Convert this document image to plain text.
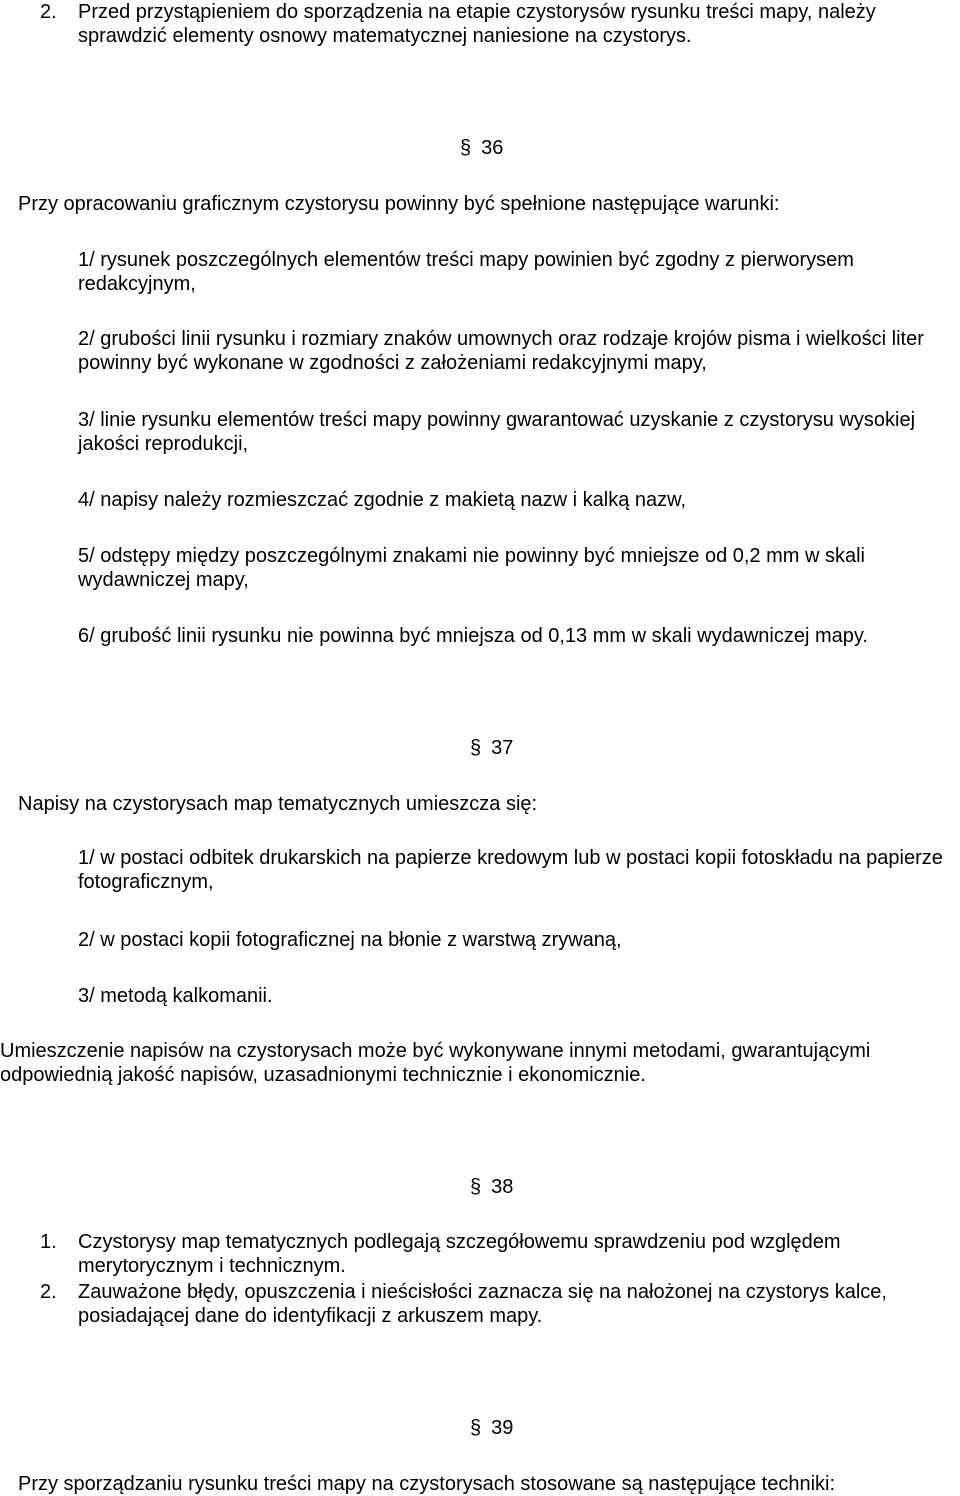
2. Przed przystąpieniem do sporządzenia na etapie czystorysów rysunku treści mapy, należy sprawdzić elementy osnowy matematycznej naniesione na czystorys.
§ 36
Przy opracowaniu graficznym czystorysu powinny być spełnione następujące warunki:
1/ rysunek poszczególnych elementów treści mapy powinien być zgodny z pierworysem redakcyjnym,
2/ grubości linii rysunku i rozmiary znaków umownych oraz rodzaje krojów pisma i wielkości liter powinny być wykonane w zgodności z założeniami redakcyjnymi mapy,
3/ linie rysunku elementów treści mapy powinny gwarantować uzyskanie z czystorysu wysokiej jakości reprodukcji,
4/ napisy należy rozmieszczać zgodnie z makietą nazw i kalką nazw,
5/ odstępy między poszczególnymi znakami nie powinny być mniejsze od 0,2 mm w skali wydawniczej mapy,
6/ grubość linii rysunku nie powinna być mniejsza od 0,13 mm w skali wydawniczej mapy.
§ 37
Napisy na czystorysach map tematycznych umieszcza się:
1/ w postaci odbitek drukarskich na papierze kredowym lub w postaci kopii fotoskładu na papierze fotograficznym,
2/ w postaci kopii fotograficznej na błonie z warstwą zrywaną,
3/ metodą kalkomanii.
Umieszczenie napisów na czystorysach może być wykonywane innymi metodami, gwarantującymi odpowiednią jakość napisów, uzasadnionymi technicznie i ekonomicznie.
§ 38
1. Czystorysy map tematycznych podlegają szczegółowemu sprawdzeniu pod względem merytorycznym i technicznym.
2. Zauważone błędy, opuszczenia i nieścisłości zaznacza się na nałożonej na czystorys kalce, posiadającej dane do identyfikacji z arkuszem mapy.
§ 39
Przy sporządzaniu rysunku treści mapy na czystorysach stosowane są następujące techniki:
